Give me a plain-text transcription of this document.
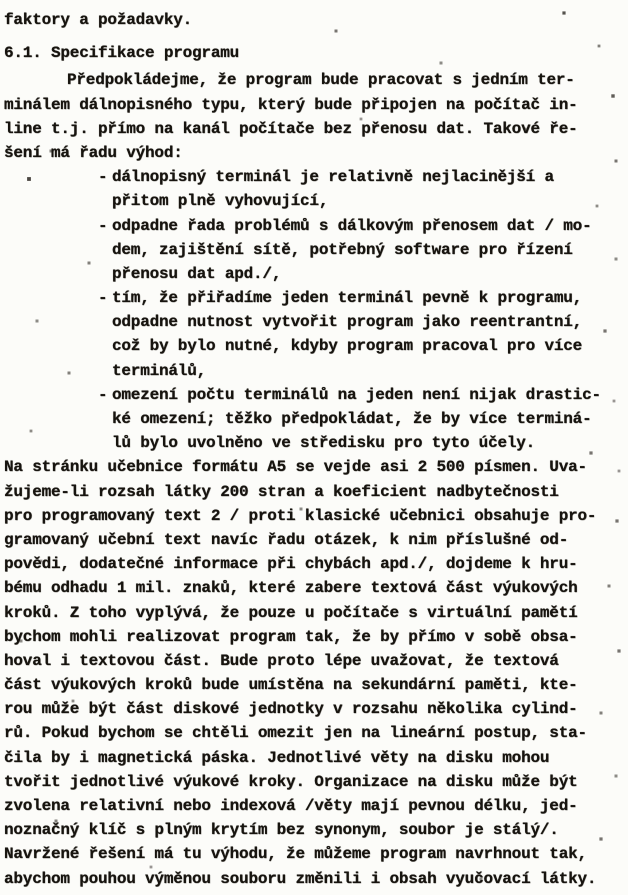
faktory a požadavky.
6.1. Specifikace programu
Předpokládejme, že program bude pracovat s jedním ter-
minálem dálnopisného typu, který bude připojen na počítač in-
line t.j. přímo na kanál počítače bez přenosu dat. Takové ře-
šení má řadu výhod:
- dálnopisný terminál je relativně nejlacinější a
přitom plně vyhovující,
- odpadne řada problémů s dálkovým přenosem dat / mo-
dem, zajištění sítě, potřebný software pro řízení
přenosu dat apd./,
- tím, že přiřadíme jeden terminál pevně k programu,
odpadne nutnost vytvořit program jako reentrantní,
což by bylo nutné, kdyby program pracoval pro více
terminálů,
- omezení počtu terminálů na jeden není nijak drastic-
ké omezení; těžko předpokládat, že by více terminá-
lů bylo uvolněno ve středisku pro tyto účely.
Na stránku učebnice formátu A5 se vejde asi 2 500 písmen. Uva-
žujeme-li rozsah látky 200 stran a koeficient nadbytečnosti
pro programovaný text 2 / proti klasické učebnici obsahuje pro-
gramovaný učební text navíc řadu otázek, k nim příslušné od-
povědi, dodatečné informace při chybách apd./, dojdeme k hru-
bému odhadu 1 mil. znaků, které zabere textová část výukových
kroků. Z toho vyplývá, že pouze u počítače s virtuální pamětí
bychom mohli realizovat program tak, že by přímo v sobě obsa-
hoval i textovou část. Bude proto lépe uvažovat, že textová
část výukových kroků bude umístěna na sekundární paměti, kte-
rou může být část diskové jednotky v rozsahu několika cylind-
rů. Pokud bychom se chtěli omezit jen na lineární postup, sta-
čila by i magnetická páska. Jednotlivé věty na disku mohou
tvořit jednotlivé výukové kroky. Organizace na disku může být
zvolena relativní nebo indexová /věty mají pevnou délku, jed-
noznačný klíč s plným krytím bez synonym, soubor je stálý/.
Navržené řešení má tu výhodu, že můžeme program navrhnout tak,
abychom pouhou výměnou souboru změnili i obsah vyučovací látky.
